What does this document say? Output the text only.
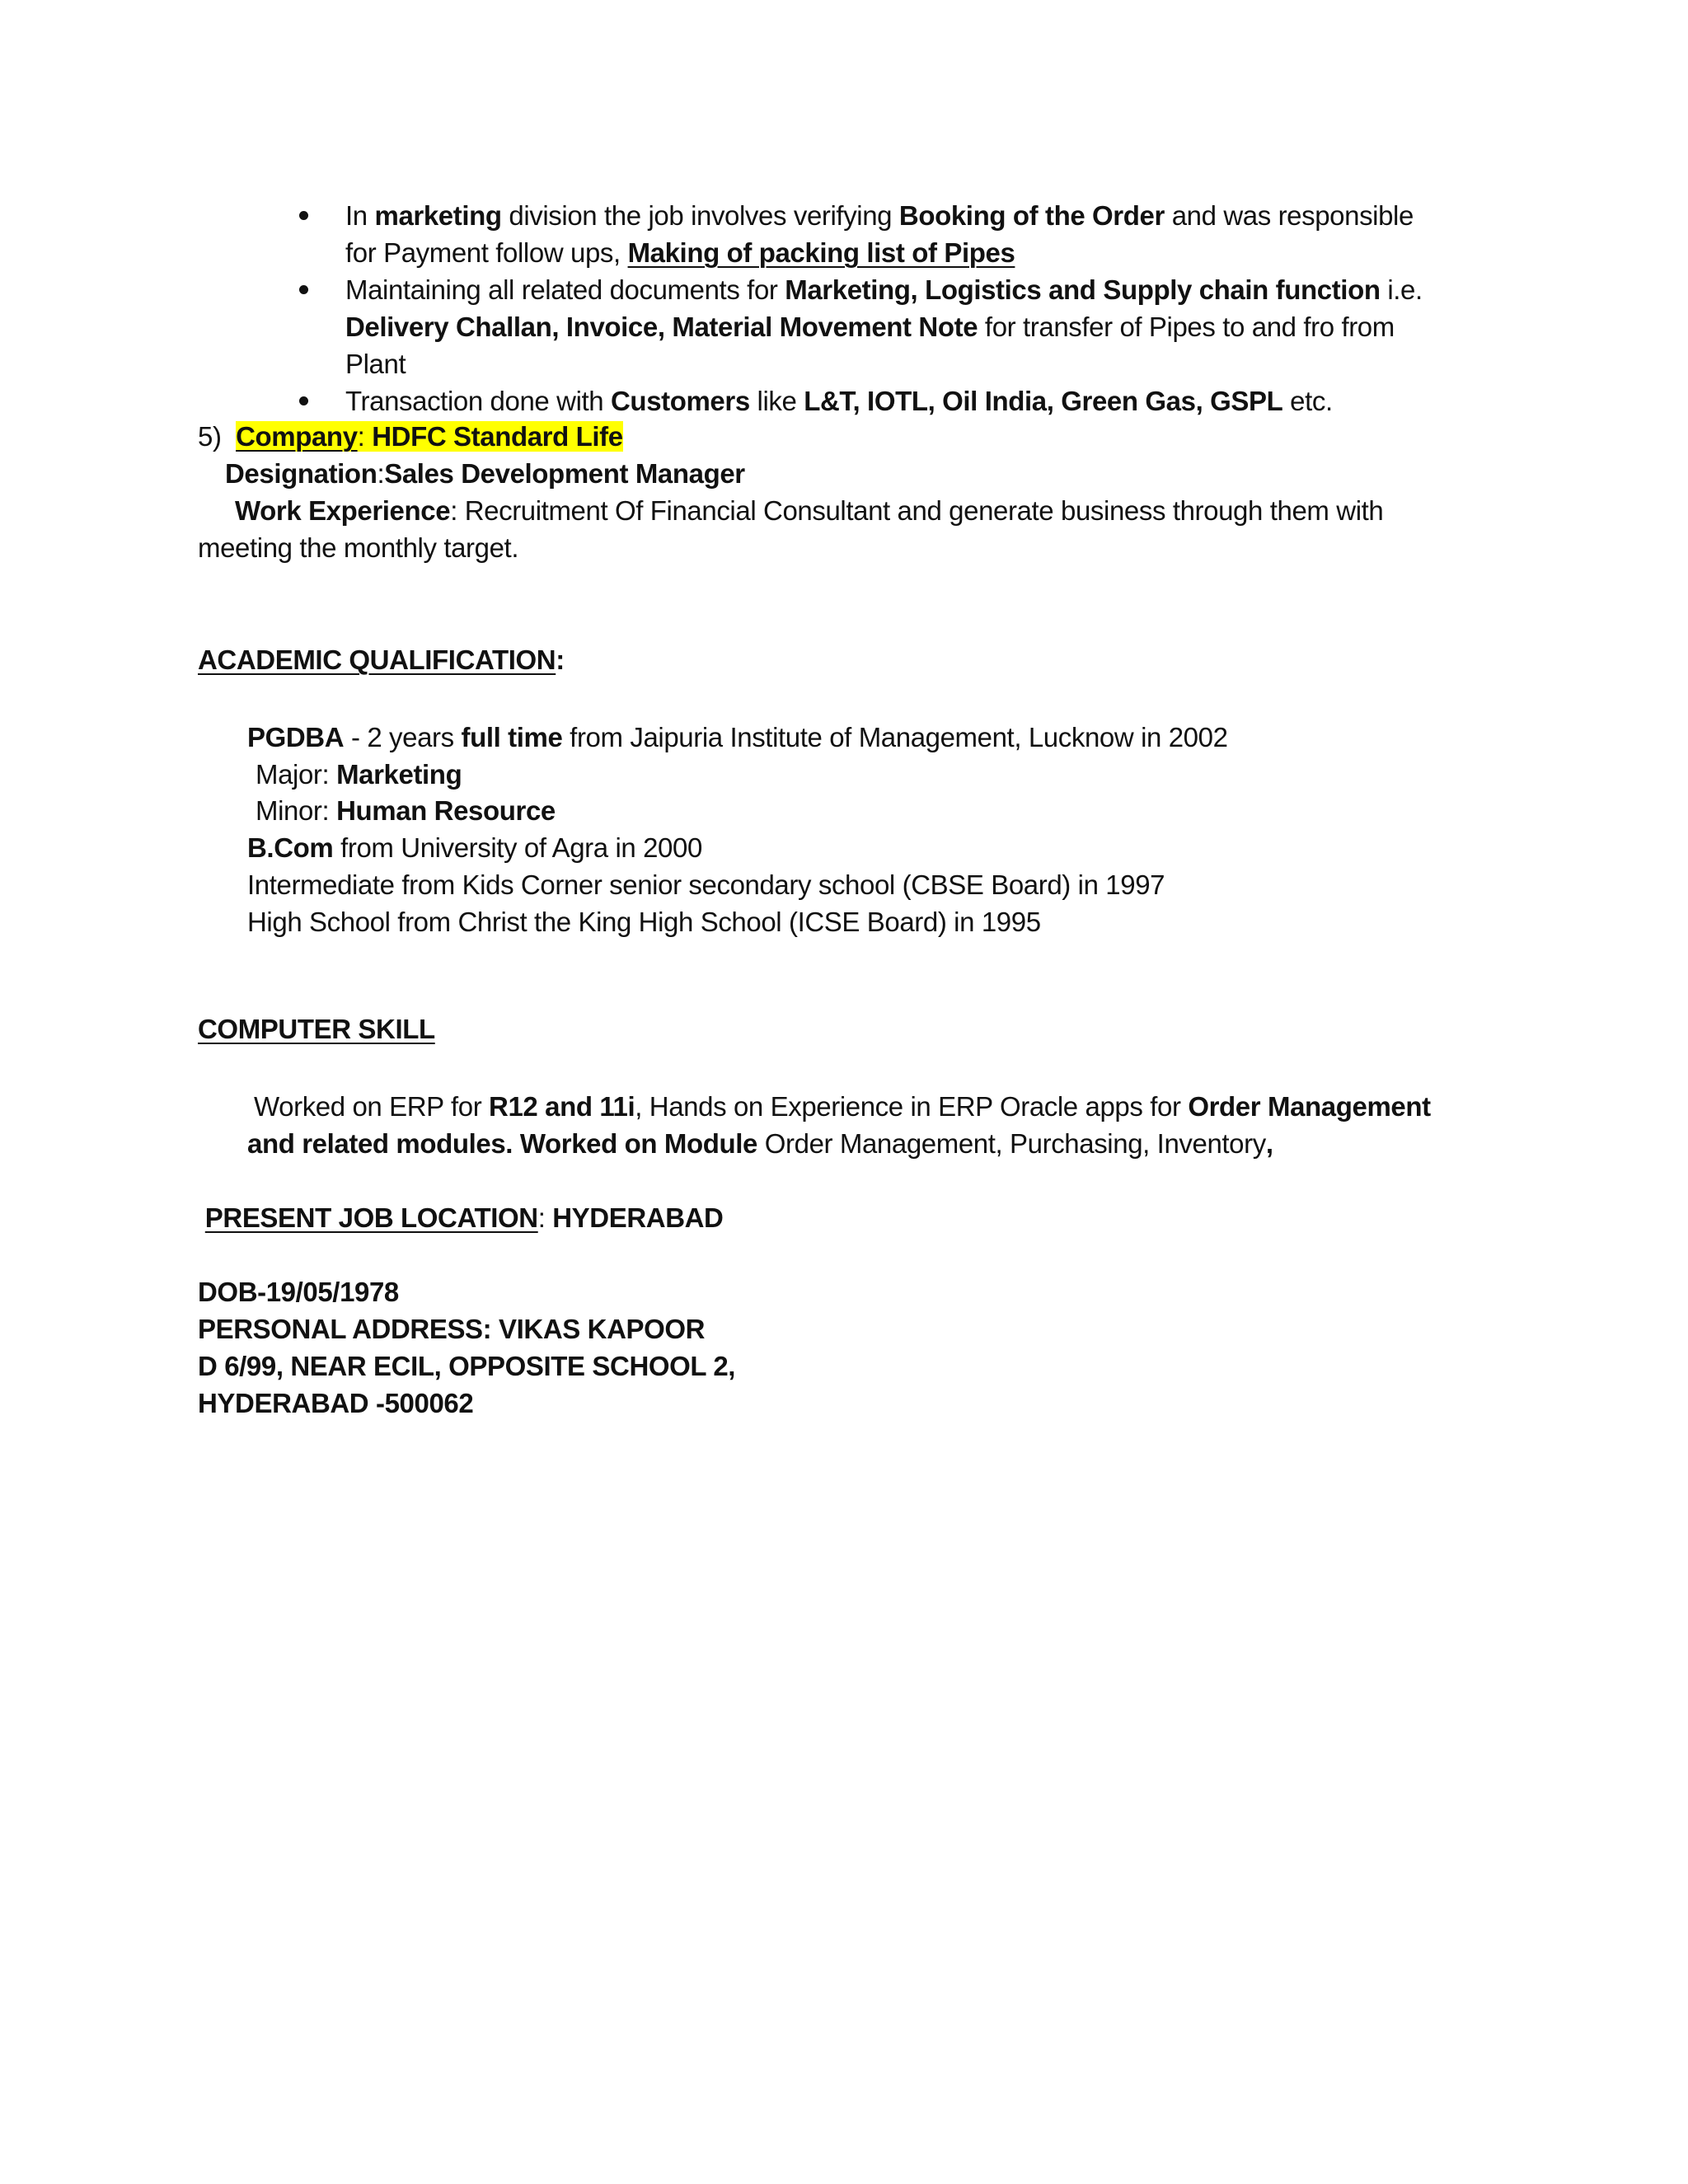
In marketing division the job involves verifying Booking of the Order and was responsible
for Payment follow ups, Making of packing list of Pipes
Maintaining all related documents for Marketing, Logistics and Supply chain function i.e.
Delivery Challan, Invoice, Material Movement Note for transfer of Pipes to and fro from
Plant
Transaction done with Customers like L&T, IOTL, Oil India, Green Gas, GSPL etc.
5) Company: HDFC Standard Life
Designation:Sales Development Manager
Work Experience: Recruitment Of Financial Consultant and generate business through them with
meeting the monthly target.
ACADEMIC QUALIFICATION:
PGDBA - 2 years full time from Jaipuria Institute of Management, Lucknow in 2002
Major: Marketing
Minor: Human Resource
B.Com from University of Agra in 2000
Intermediate from Kids Corner senior secondary school (CBSE Board) in 1997
High School from Christ the King High School (ICSE Board) in 1995
COMPUTER SKILL
Worked on ERP for R12 and 11i, Hands on Experience in ERP Oracle apps for Order Management
and related modules. Worked on Module Order Management, Purchasing, Inventory,
PRESENT JOB LOCATION: HYDERABAD
DOB-19/05/1978
PERSONAL ADDRESS: VIKAS KAPOOR
D 6/99, NEAR ECIL, OPPOSITE SCHOOL 2,
HYDERABAD -500062
